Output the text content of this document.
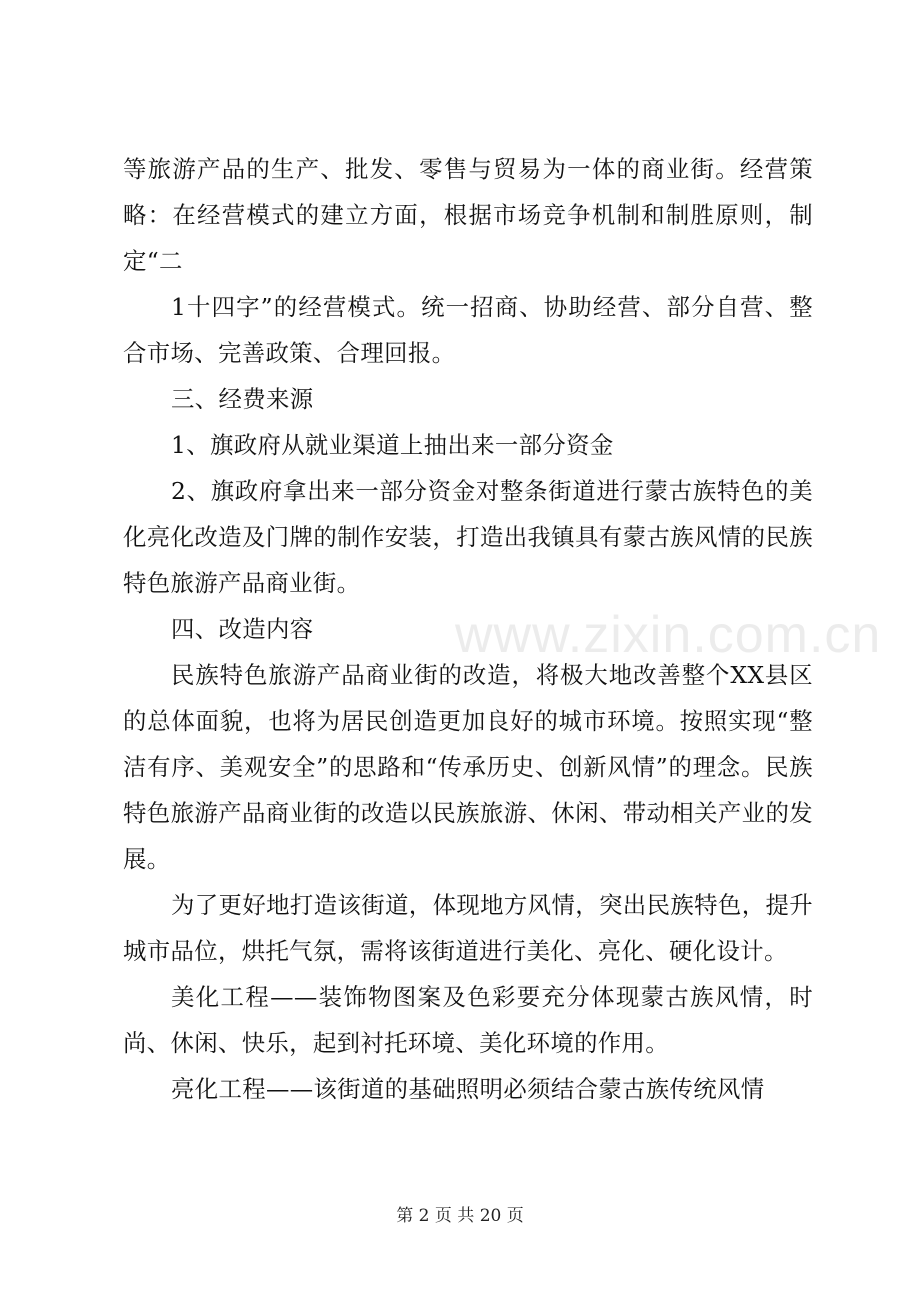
等旅游产品的生产、批发、零售与贸易为一体的商业街。经营策略：在经营模式的建立方面，根据市场竞争机制和制胜原则，制定“二

1十四字”的经营模式。统一招商、协助经营、部分自营、整合市场、完善政策、合理回报。

三、经费来源

1、旗政府从就业渠道上抽出来一部分资金

2、旗政府拿出来一部分资金对整条街道进行蒙古族特色的美化亮化改造及门牌的制作安装，打造出我镇具有蒙古族风情的民族特色旅游产品商业街。

四、改造内容

民族特色旅游产品商业街的改造，将极大地改善整个XX县区的总体面貌，也将为居民创造更加良好的城市环境。按照实现“整洁有序、美观安全”的思路和“传承历史、创新风情”的理念。民族特色旅游产品商业街的改造以民族旅游、休闲、带动相关产业的发展。

为了更好地打造该街道，体现地方风情，突出民族特色，提升城市品位，烘托气氛，需将该街道进行美化、亮化、硬化设计。

美化工程——装饰物图案及色彩要充分体现蒙古族风情，时尚、休闲、快乐，起到衬托环境、美化环境的作用。

亮化工程——该街道的基础照明必须结合蒙古族传统风情

www.zixin.com.cn
第 2 页 共 20 页
